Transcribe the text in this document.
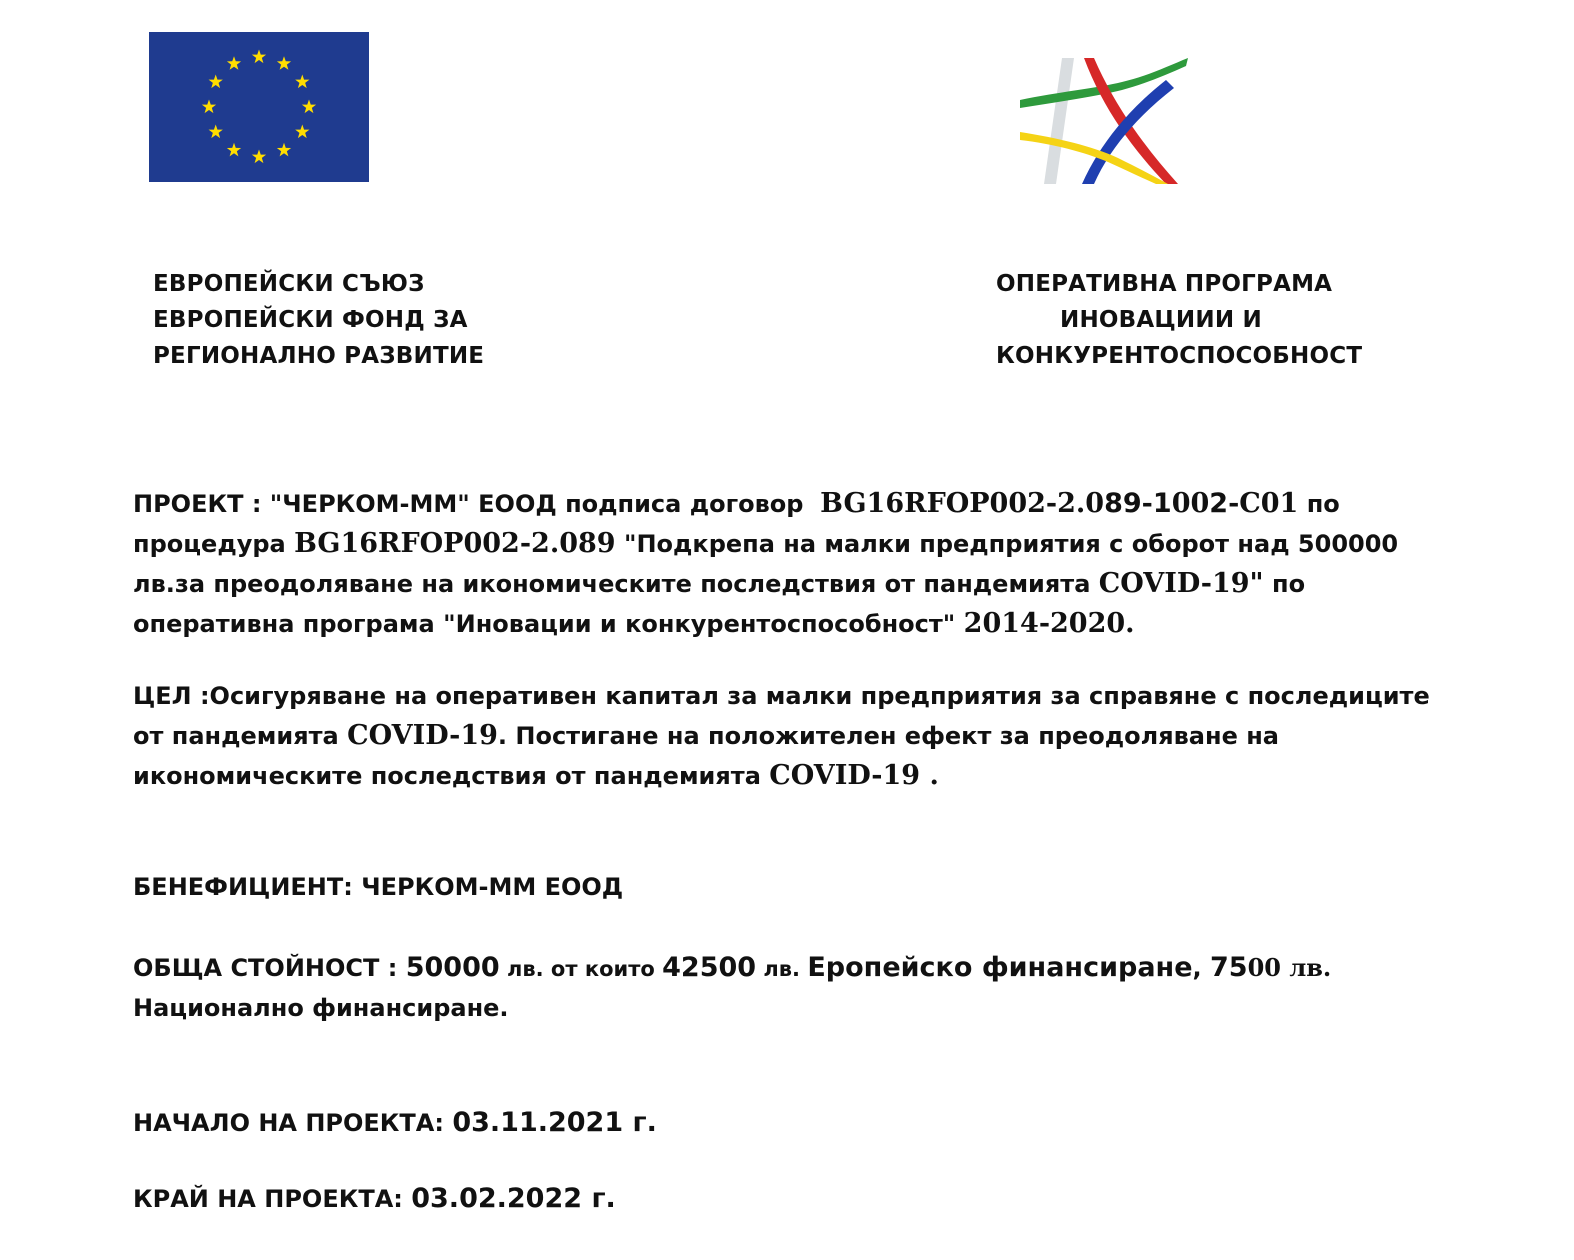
ЕВРОПЕЙСКИ СЪЮЗ
ЕВРОПЕЙСКИ ФОНД ЗА
РЕГИОНАЛНО РАЗВИТИЕ
ОПЕРАТИВНА ПРОГРАМА
ИНОВАЦИИИ И
КОНКУРЕНТОСПОСОБНОСТ
ПРОЕКТ : "ЧЕРКОМ-ММ" ЕООД подписа договор BG16RFOP002-2.089-1002-С01 по
процедура BG16RFOP002-2.089 "Подкрепа на малки предприятия с оборот над 500000 лв.за преодоляване на икономическите последствия от пандемията COVID-19" по оперативна програма "Иновации и конкурентоспособност" 2014-2020.
ЦЕЛ :Осигуряване на оперативен капитал за малки предприятия за справяне с последиците от пандемията COVID-19. Постигане на положителен ефект за преодоляване на икономическите последствия от пандемията COVID-19 .
БЕНЕФИЦИЕНТ: ЧЕРКОМ-ММ ЕООД
ОБЩА СТОЙНОСТ : 50000 лв. от които 42500 лв. Еропейско финансиране, 7500 лв.
Национално финансиране.
НАЧАЛО НА ПРОЕКТА: 03.11.2021 г.
КРАЙ НА ПРОЕКТА: 03.02.2022 г.
